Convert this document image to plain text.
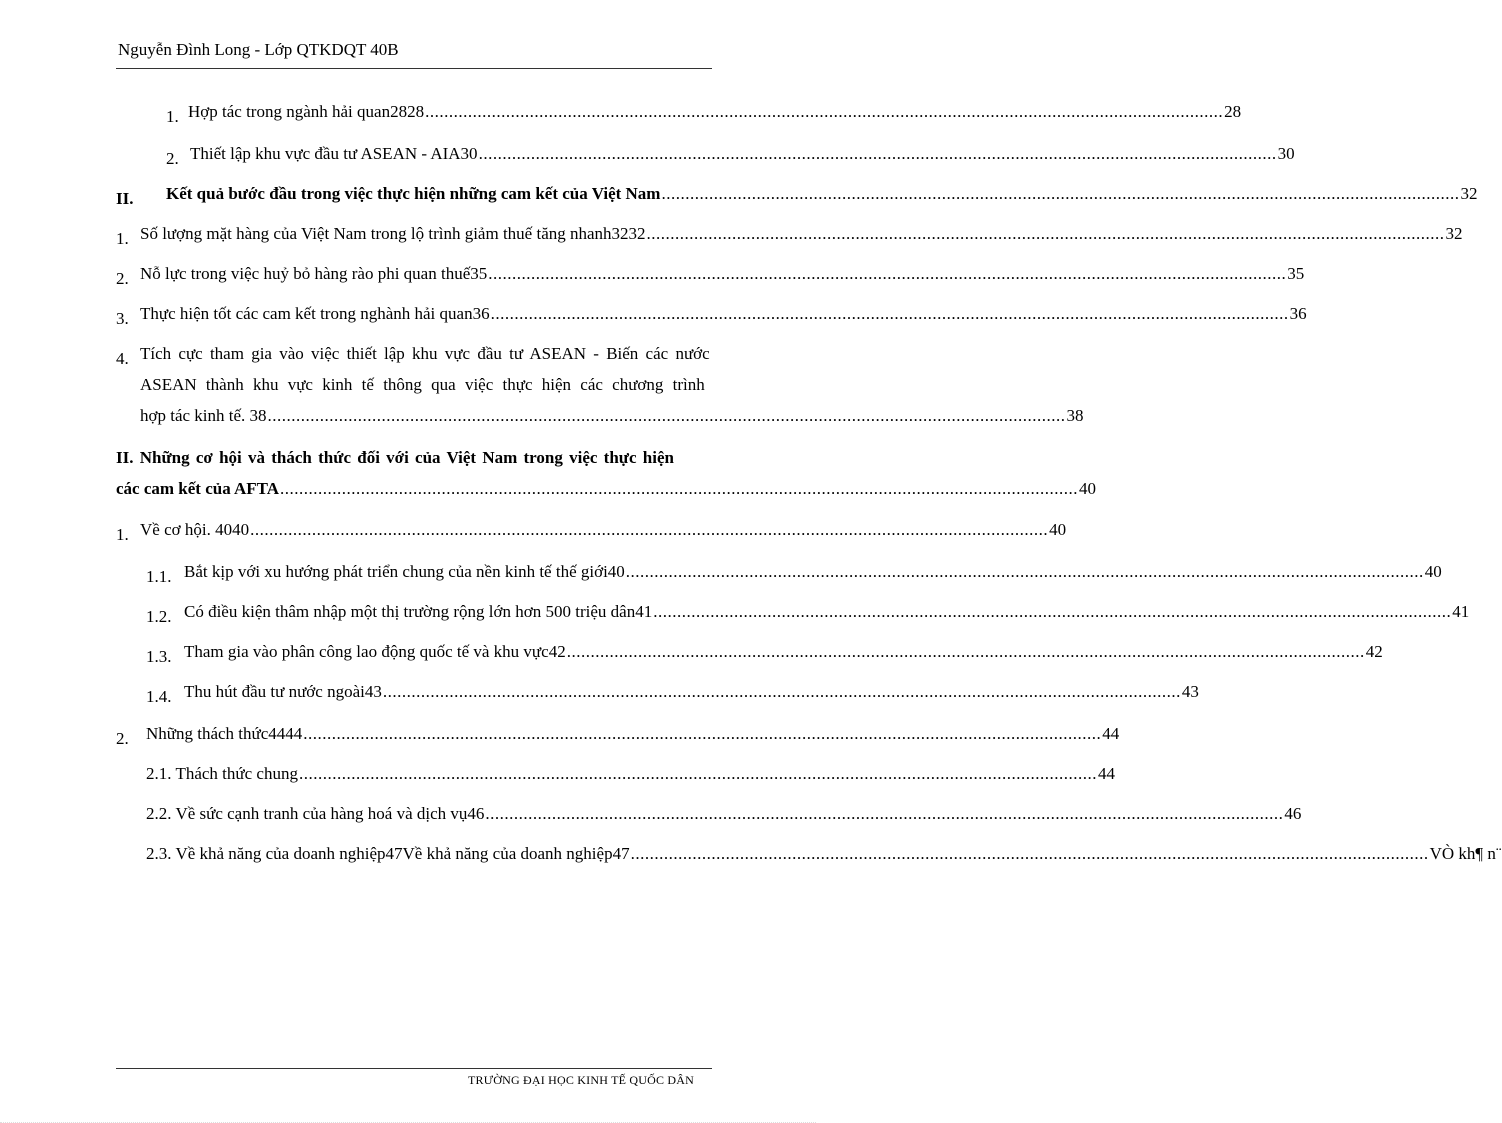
Nguyễn Đình Long - Lớp QTKDQT 40B
1. Hợp tác trong ngành hải quan2828 ........................................................................................................................................................................ 28
2. Thiết lập khu vực đầu tư ASEAN - AIA30 ........................................................................................................................................................................ 30
II.	Kết quả bước đầu trong việc thực hiện những cam kết của Việt Nam ........................................................................................................................................................................ 32
1. Số lượng mặt hàng của Việt Nam trong lộ trình giảm thuế tăng nhanh3232 ........................................................................................................................................................................ 32
2. Nỗ lực trong việc huỷ bỏ hàng rào phi quan thuế35 ........................................................................................................................................................................ 35
3. Thực hiện tốt các cam kết trong nghành hải quan36 ........................................................................................................................................................................ 36
4. Tích cực tham gia vào việc thiết lập khu vực đầu tư ASEAN - Biến các nước
ASEAN thành khu vực kinh tế thông qua việc thực hiện các chương trình
hợp tác kinh tế. 38 ........................................................................................................................................................................ 38
II. Những cơ hội và thách thức đối với của Việt Nam trong việc thực hiện
các cam kết của AFTA ........................................................................................................................................................................ 40
1. Về cơ hội. 4040 ........................................................................................................................................................................ 40
1.1. Bắt kịp với xu hướng phát triển chung của nền kinh tế thế giới40 ........................................................................................................................................................................ 40
1.2. Có điều kiện thâm nhập một thị trường rộng lớn hơn 500 triệu dân41 ........................................................................................................................................................................ 41
1.3. Tham gia vào phân công lao động quốc tế và khu vực42 ........................................................................................................................................................................ 42
1.4. Thu hút đầu tư nước ngoài43 ........................................................................................................................................................................ 43
2.	Những thách thức4444 ........................................................................................................................................................................ 44
2.1. Thách thức chung ........................................................................................................................................................................ 44
2.2. Về sức cạnh tranh của hàng hoá và dịch vụ46 ........................................................................................................................................................................ 46
2.3. Về khả năng của doanh nghiệp47Về khả năng của doanh nghiệp47 ........................................................................................................................................................................ VÒ kh¶ n¨
TRƯỜNG ĐẠI HỌC KINH TẾ QUỐC DÂN
